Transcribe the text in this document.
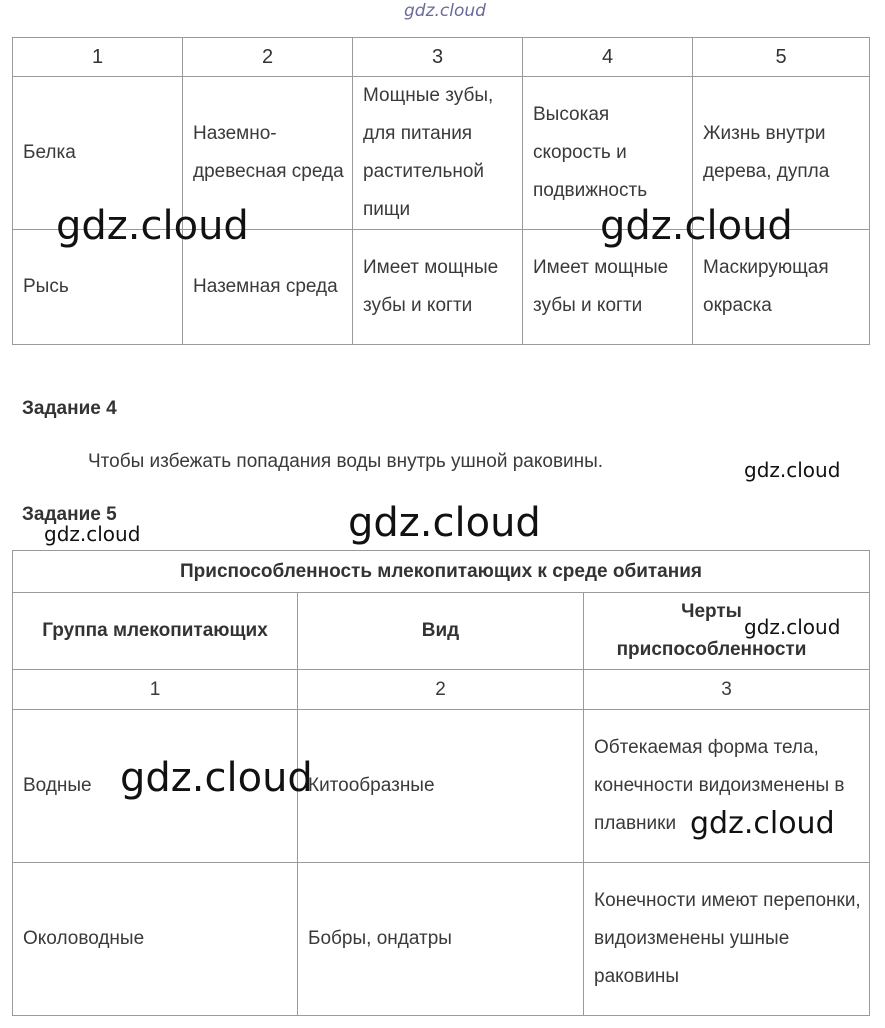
gdz.cloud
1	2	3	4	5
Белка	Наземно-древесная среда	Мощные зубы, для питания растительной пищи	Высокая скорость и подвижность	Жизнь внутри дерева, дупла
Рысь	Наземная среда	Имеет мощные зубы и когти	Имеет мощные зубы и когти	Маскирующая окраска
Задание 4
Чтобы избежать попадания воды внутрь ушной раковины.
Задание 5
Приспособленность млекопитающих к среде обитания		
Группа млекопитающих	Вид	Черты приспособленности
1	2	3
Водные	Китообразные	Обтекаемая форма тела, конечности видоизменены в плавники
Околоводные	Бобры, ондатры	Конечности имеют перепонки, видоизменены ушные раковины
gdz.cloud	gdz.cloud
gdz.cloud
gdz.cloud
gdz.cloud
gdz.cloud
gdz.cloud
gdz.cloud
